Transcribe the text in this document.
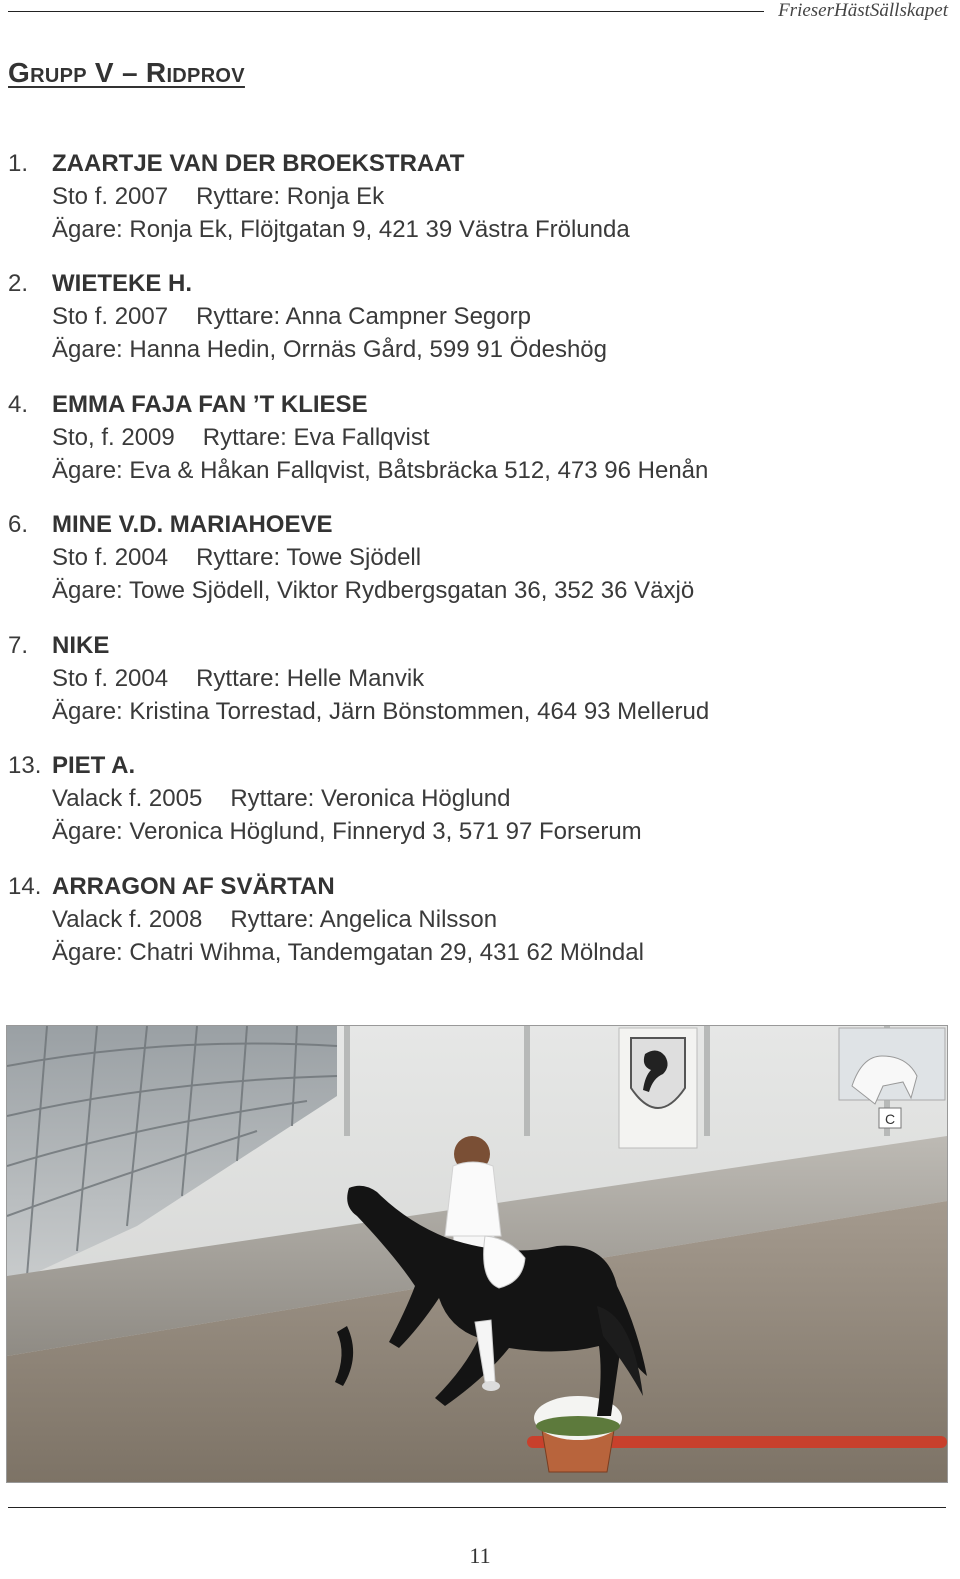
FrieserHästSällskapet
Grupp V – Ridprov
1. ZAARTJE VAN DER BROEKSTRAAT
Sto f. 2007 Ryttare: Ronja Ek
Ägare: Ronja Ek, Flöjtgatan 9, 421 39 Västra Frölunda
2. WIETEKE H.
Sto f. 2007 Ryttare: Anna Campner Segorp
Ägare: Hanna Hedin, Orrnäs Gård, 599 91 Ödeshög
4. EMMA FAJA FAN ’T KLIESE
Sto, f. 2009 Ryttare: Eva Fallqvist
Ägare: Eva & Håkan Fallqvist, Båtsbräcka 512, 473 96 Henån
6. MINE V.D. MARIAHOEVE
Sto f. 2004 Ryttare: Towe Sjödell
Ägare: Towe Sjödell, Viktor Rydbergsgatan 36, 352 36 Växjö
7. NIKE
Sto f. 2004 Ryttare: Helle Manvik
Ägare: Kristina Torrestad, Järn Bönstommen, 464 93 Mellerud
13. PIET A.
Valack f. 2005 Ryttare: Veronica Höglund
Ägare: Veronica Höglund, Finneryd 3, 571 97 Forserum
14. ARRAGON AF SVÄRTAN
Valack f. 2008 Ryttare: Angelica Nilsson
Ägare: Chatri Wihma, Tandemgatan 29, 431 62 Mölndal
C
11
